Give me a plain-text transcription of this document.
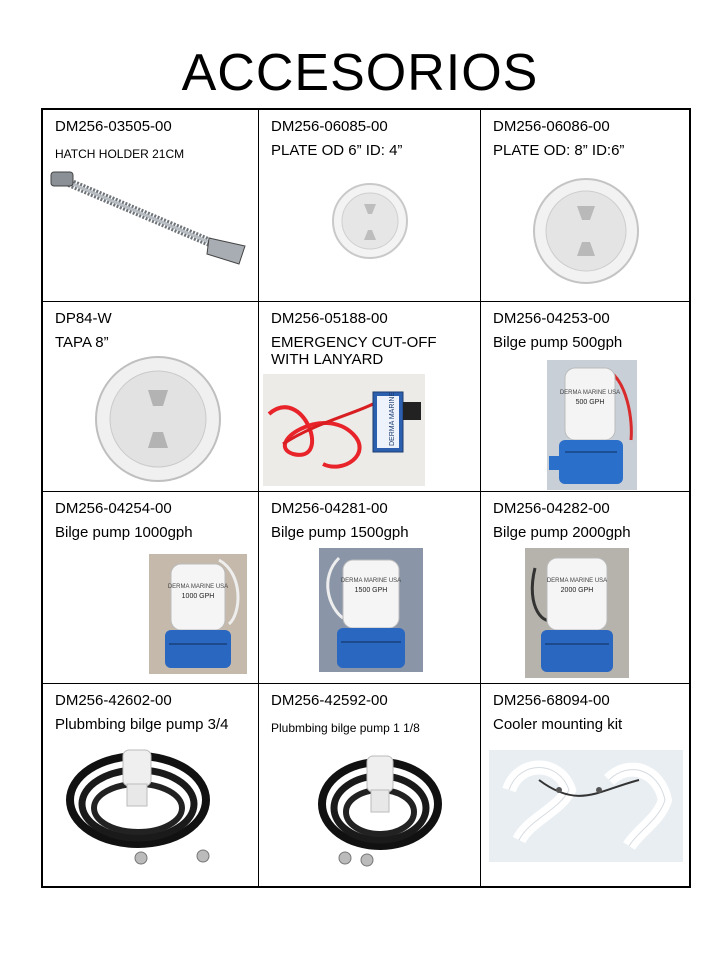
ACCESORIOS
DM256-03505-00
HATCH HOLDER 21CM
DM256-06085-00
PLATE OD 6” ID: 4”
DM256-06086-00
PLATE OD: 8” ID:6”
DP84-W
TAPA 8”
DM256-05188-00
EMERGENCY CUT-OFF WITH LANYARD
DERMA MARINE
DM256-04253-00
Bilge pump 500gph
DERMA MARINE USA
500 GPH
DM256-04254-00
Bilge pump 1000gph
DERMA MARINE USA
1000 GPH
DM256-04281-00
Bilge pump 1500gph
DERMA MARINE USA
1500 GPH
DM256-04282-00
Bilge pump 2000gph
DERMA MARINE USA
2000 GPH
DM256-42602-00
Plubmbing bilge pump 3/4
DM256-42592-00
Plubmbing bilge pump 1 1/8
DM256-68094-00
Cooler mounting kit
